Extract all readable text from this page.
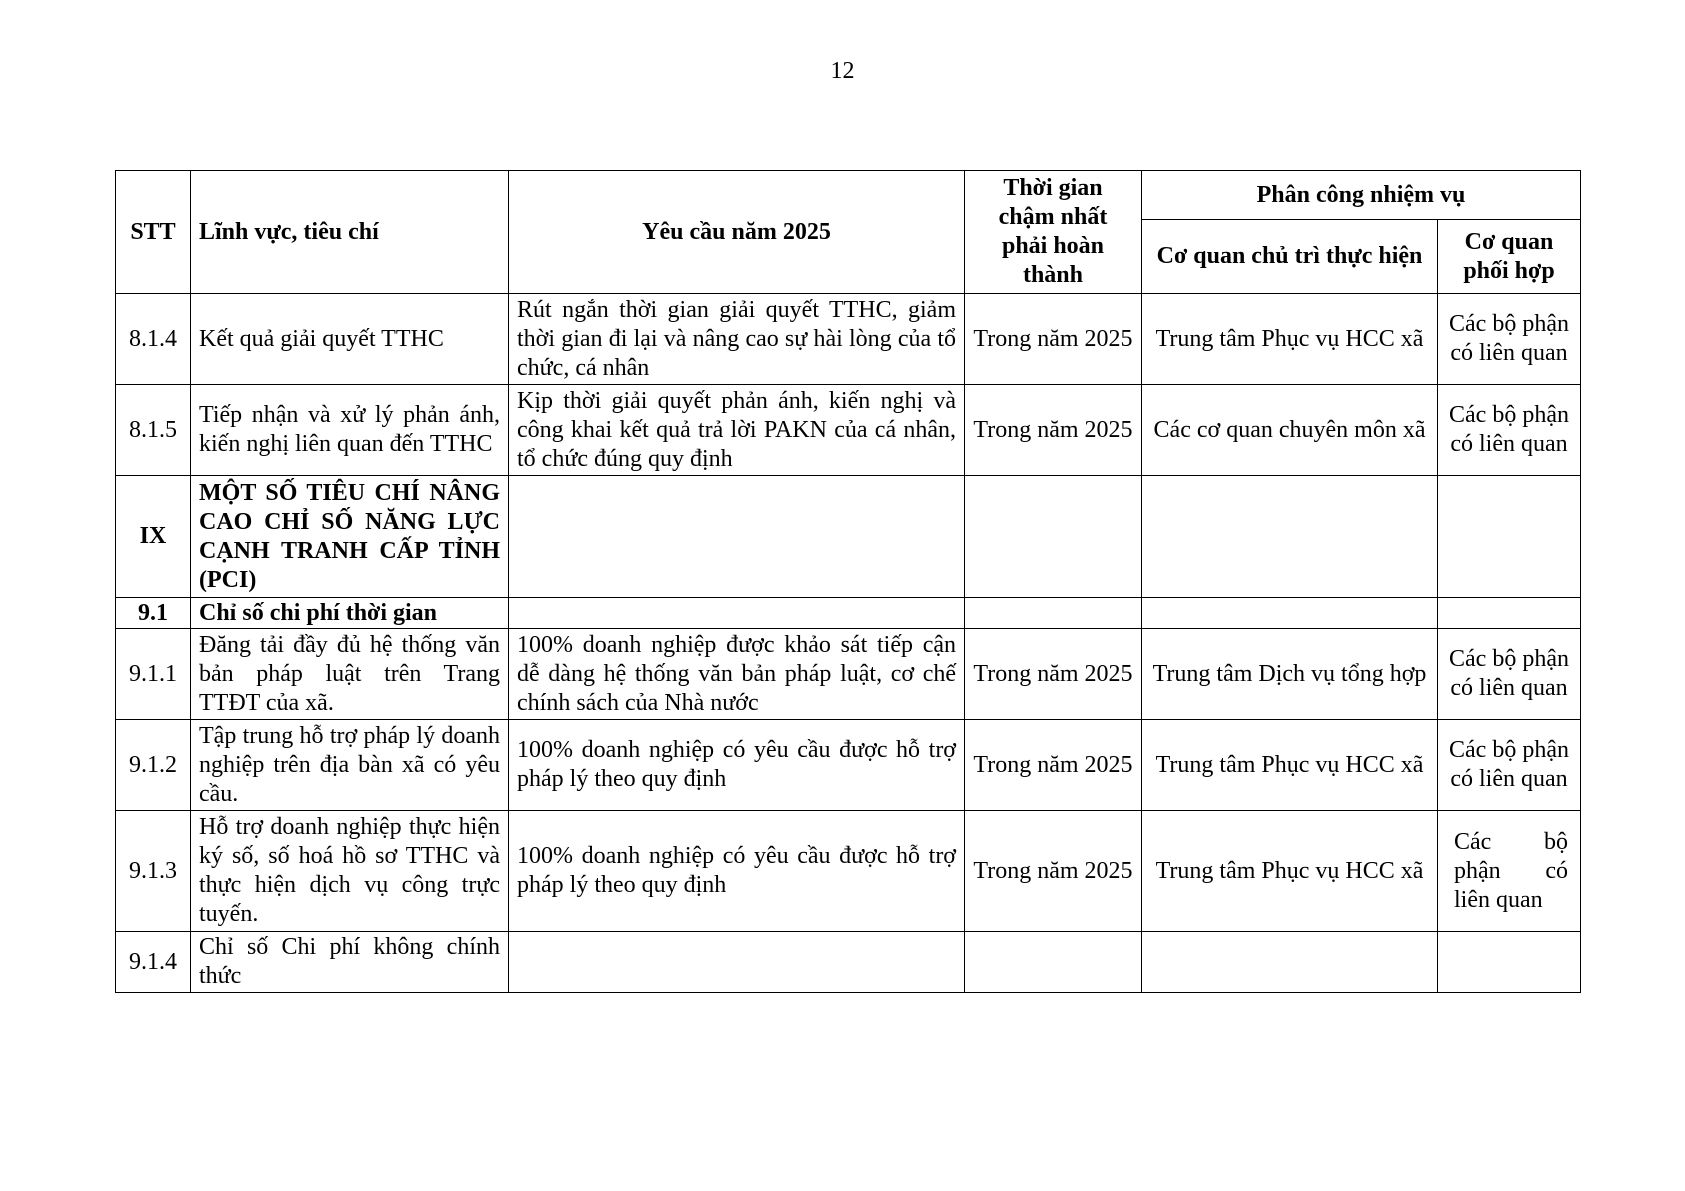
12
STT	Lĩnh vực, tiêu chí	Yêu cầu năm 2025	Thời gian chậm nhất phải hoàn thành	Phân công nhiệm vụ	
				Cơ quan chủ trì thực hiện	Cơ quan phối hợp
8.1.4	Kết quả giải quyết TTHC	Rút ngắn thời gian giải quyết TTHC, giảm thời gian đi lại và nâng cao sự hài lòng của tổ chức, cá nhân	Trong năm 2025	Trung tâm Phục vụ HCC xã	Các bộ phận có liên quan
8.1.5	Tiếp nhận và xử lý phản ánh, kiến nghị liên quan đến TTHC	Kịp thời giải quyết phản ánh, kiến nghị và công khai kết quả trả lời PAKN của cá nhân, tổ chức đúng quy định	Trong năm 2025	Các cơ quan chuyên môn xã	Các bộ phận có liên quan
IX	MỘT SỐ TIÊU CHÍ NÂNG CAO CHỈ SỐ NĂNG LỰC CẠNH TRANH CẤP TỈNH (PCI)				
9.1	Chỉ số chi phí thời gian				
9.1.1	Đăng tải đầy đủ hệ thống văn bản pháp luật trên Trang TTĐT của xã.	100% doanh nghiệp được khảo sát tiếp cận dễ dàng hệ thống văn bản pháp luật, cơ chế chính sách của Nhà nước	Trong năm 2025	Trung tâm Dịch vụ tổng hợp	Các bộ phận có liên quan
9.1.2	Tập trung hỗ trợ pháp lý doanh nghiệp trên địa bàn xã có yêu cầu.	100% doanh nghiệp có yêu cầu được hỗ trợ pháp lý theo quy định	Trong năm 2025	Trung tâm Phục vụ HCC xã	Các bộ phận có liên quan
9.1.3	Hỗ trợ doanh nghiệp thực hiện ký số, số hoá hồ sơ TTHC và thực hiện dịch vụ công trực tuyến.	100% doanh nghiệp có yêu cầu được hỗ trợ pháp lý theo quy định	Trong năm 2025	Trung tâm Phục vụ HCC xã	Các bộ phận có liên quan
9.1.4	Chỉ số Chi phí không chính thức				
